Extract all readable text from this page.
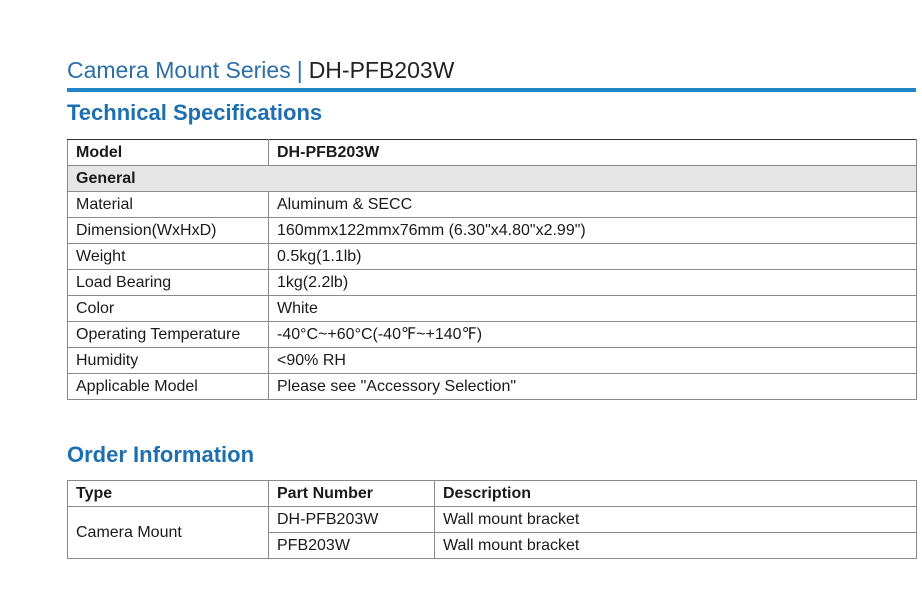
Camera Mount Series | DH-PFB203W
Technical Specifications
Model	DH-PFB203W
General	
Material	Aluminum & SECC
Dimension(WxHxD)	160mmx122mmx76mm (6.30"x4.80"x2.99")
Weight	0.5kg(1.1lb)
Load Bearing	1kg(2.2lb)
Color	White
Operating Temperature	-40°C~+60°C(-40℉~+140℉)
Humidity	<90% RH
Applicable Model	Please see "Accessory Selection"
Order Information
Type	Part Number	Description
Camera Mount	DH-PFB203W	Wall mount bracket
	PFB203W	Wall mount bracket
